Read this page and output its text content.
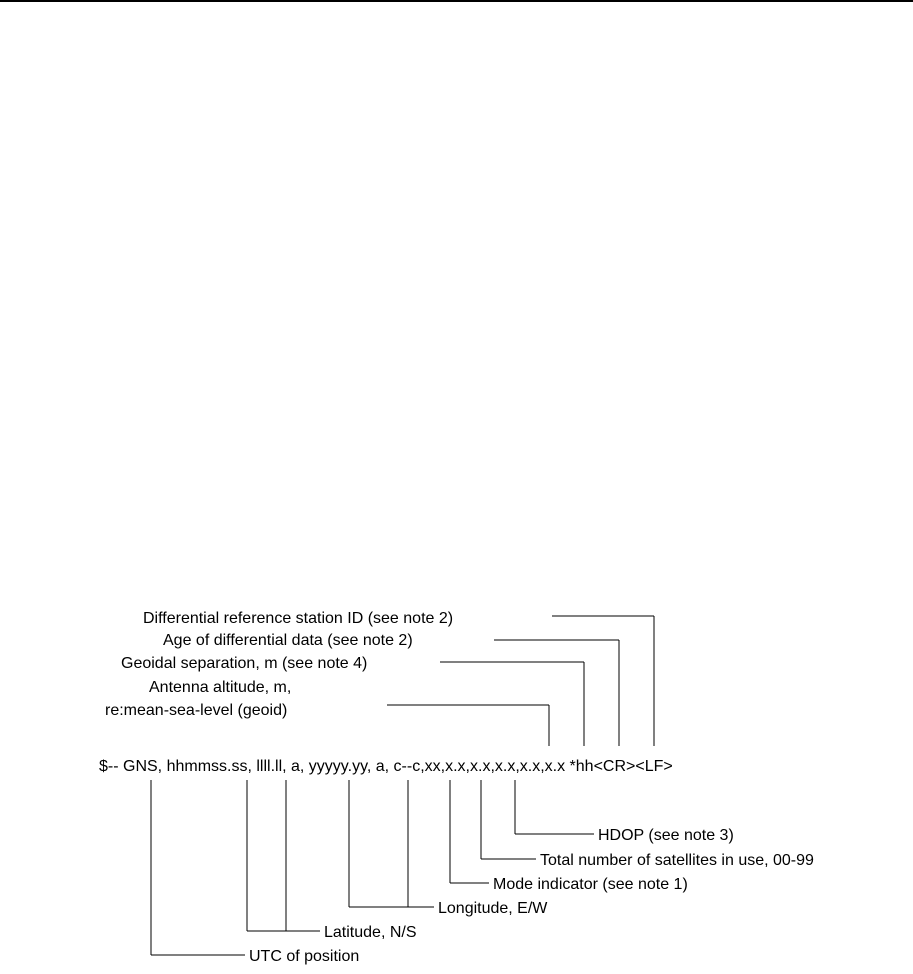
Differential reference station ID (see note 2)
Age of differential data (see note 2)
Geoidal separation, m (see note 4)
Antenna altitude, m,
re:mean-sea-level (geoid)
$-- GNS, hhmmss.ss, llll.ll, a, yyyyy.yy, a, c--c,xx,x.x,x.x,x.x,x.x,x.x *hh<CR><LF>
HDOP (see note 3)
Total number of satellites in use, 00-99
Mode indicator (see note 1)
Longitude, E/W
Latitude, N/S
UTC of position
